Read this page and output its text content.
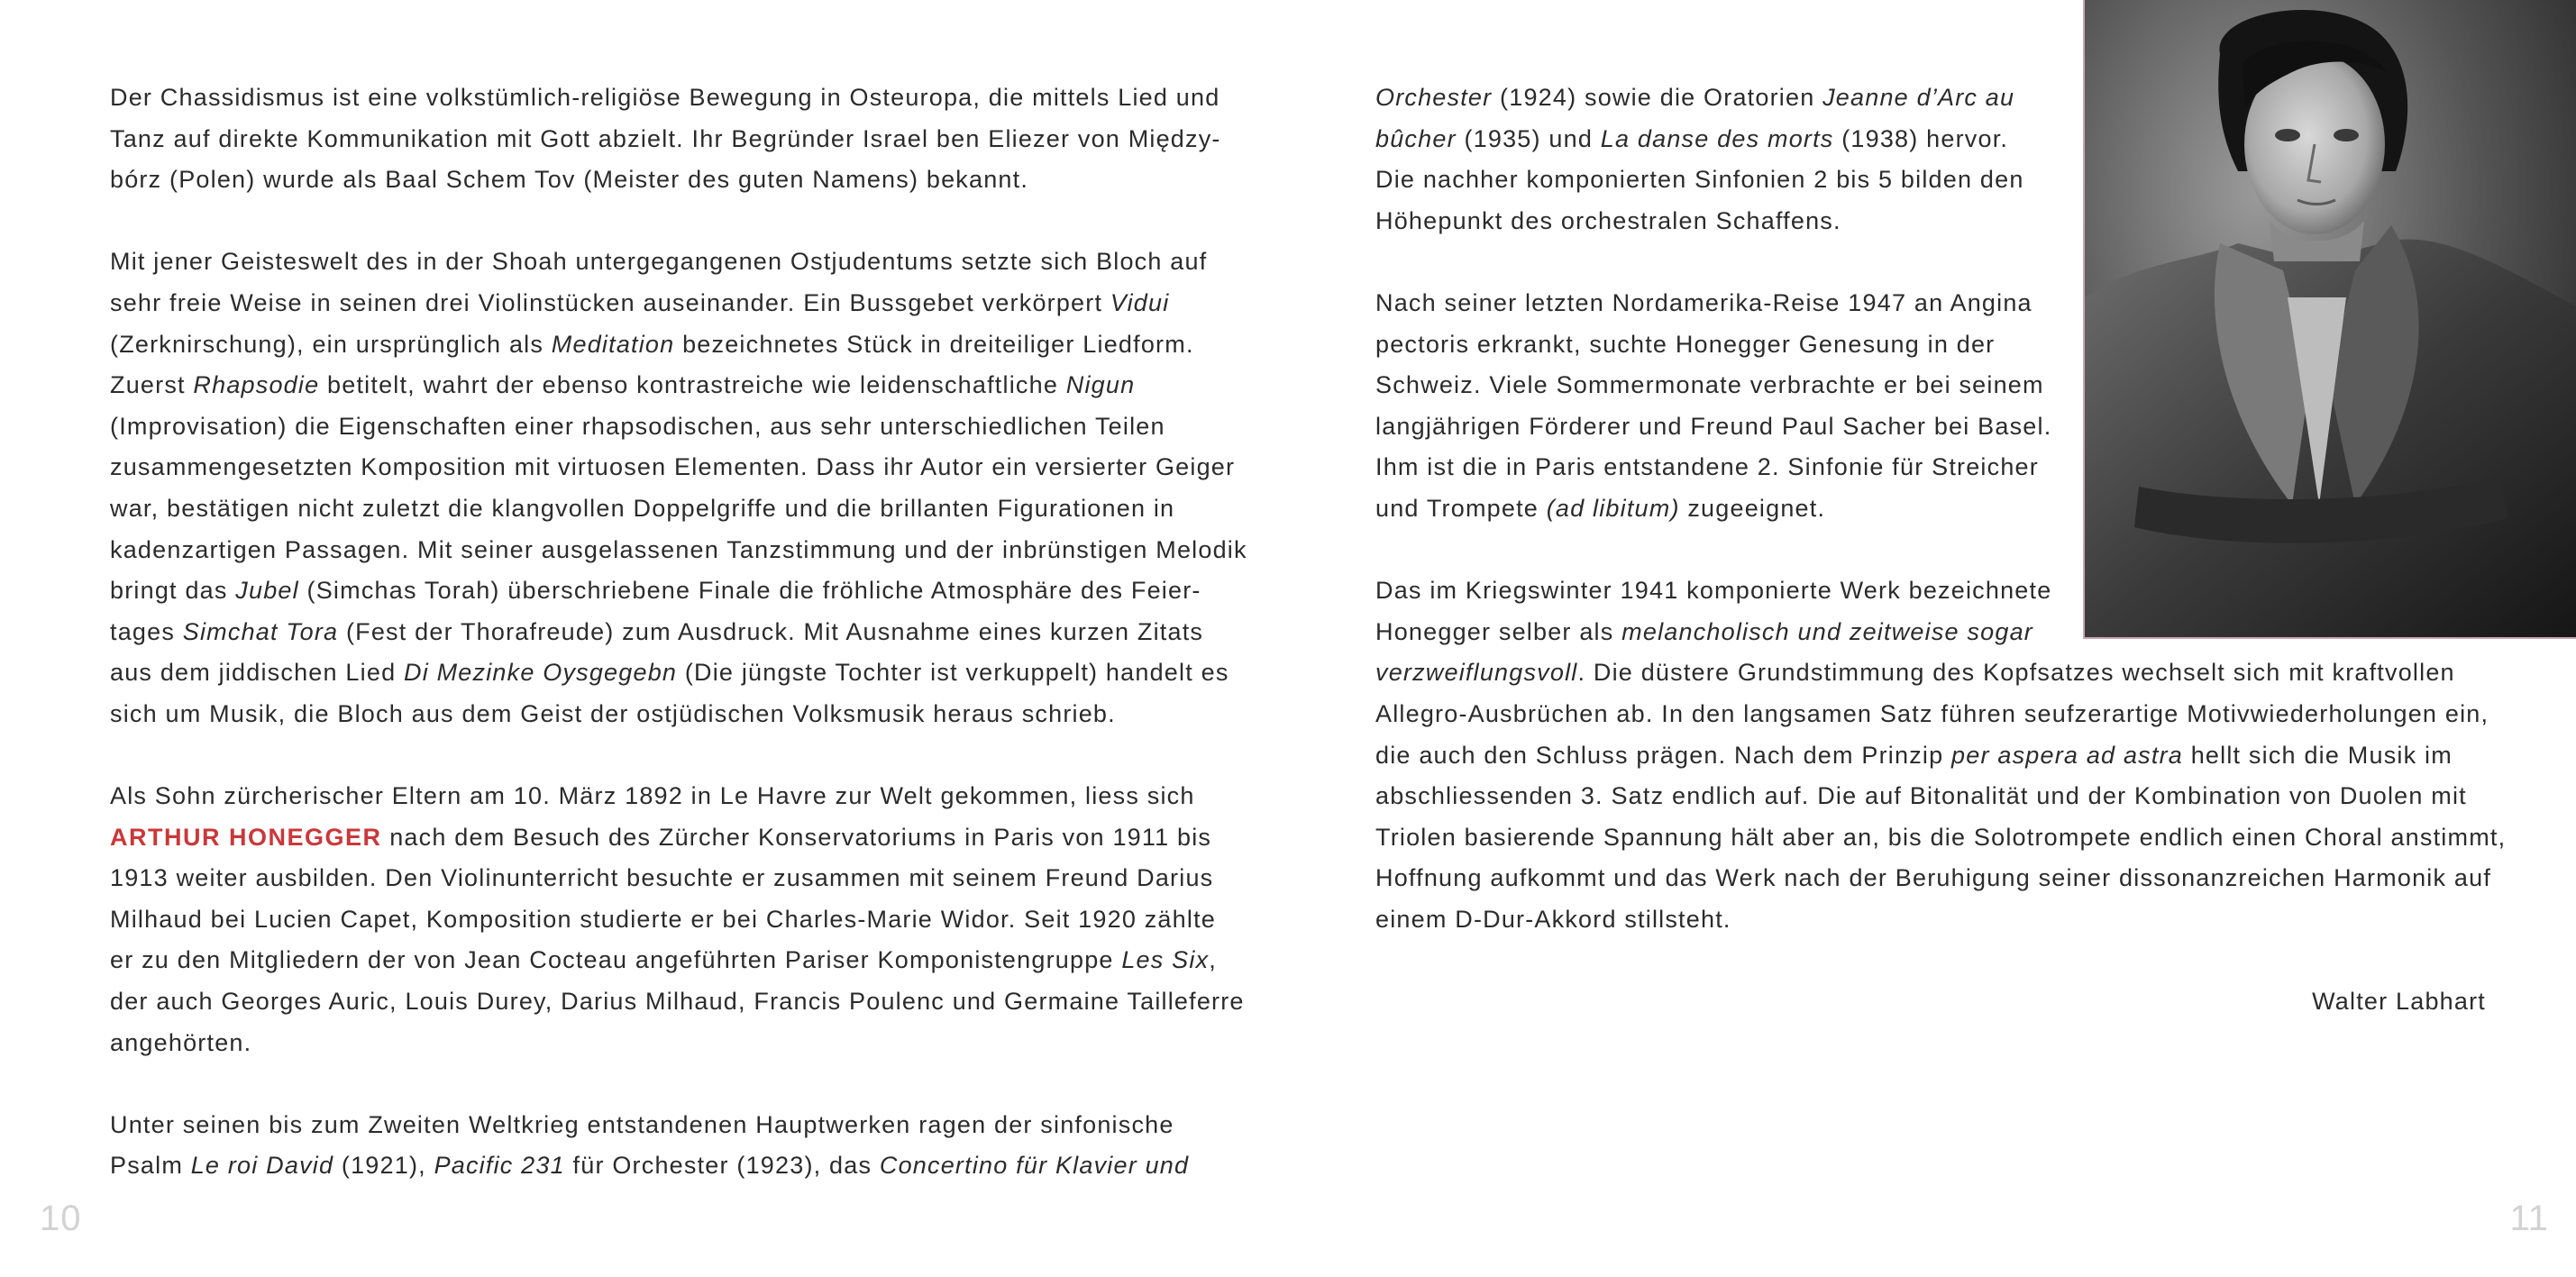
Der Chassidismus ist eine volkstümlich-religiöse Bewegung in Osteuropa, die mittels Lied und
Tanz auf direkte Kommunikation mit Gott abzielt. Ihr Begründer Israel ben Eliezer von Między-
bórz (Polen) wurde als Baal Schem Tov (Meister des guten Namens) bekannt.

Mit jener Geisteswelt des in der Shoah untergegangenen Ostjudentums setzte sich Bloch auf
sehr freie Weise in seinen drei Violinstücken auseinander. Ein Bussgebet verkörpert Vidui
(Zerknirschung), ein ursprünglich als Meditation bezeichnetes Stück in dreiteiliger Liedform.
Zuerst Rhapsodie betitelt, wahrt der ebenso kontrastreiche wie leidenschaftliche Nigun
(Improvisation) die Eigenschaften einer rhapsodischen, aus sehr unterschiedlichen Teilen
zusammengesetzten Komposition mit virtuosen Elementen. Dass ihr Autor ein versierter Geiger
war, bestätigen nicht zuletzt die klangvollen Doppelgriffe und die brillanten Figurationen in
kadenzartigen Passagen. Mit seiner ausgelassenen Tanzstimmung und der inbrünstigen Melodik
bringt das Jubel (Simchas Torah) überschriebene Finale die fröhliche Atmosphäre des Feier-
tages Simchat Tora (Fest der Thorafreude) zum Ausdruck. Mit Ausnahme eines kurzen Zitats
aus dem jiddischen Lied Di Mezinke Oysgegebn (Die jüngste Tochter ist verkuppelt) handelt es
sich um Musik, die Bloch aus dem Geist der ostjüdischen Volksmusik heraus schrieb.

Als Sohn zürcherischer Eltern am 10. März 1892 in Le Havre zur Welt gekommen, liess sich
ARTHUR HONEGGER nach dem Besuch des Zürcher Konservatoriums in Paris von 1911 bis
1913 weiter ausbilden. Den Violinunterricht besuchte er zusammen mit seinem Freund Darius
Milhaud bei Lucien Capet, Komposition studierte er bei Charles-Marie Widor. Seit 1920 zählte
er zu den Mitgliedern der von Jean Cocteau angeführten Pariser Komponistengruppe Les Six,
der auch Georges Auric, Louis Durey, Darius Milhaud, Francis Poulenc und Germaine Tailleferre
angehörten.

Unter seinen bis zum Zweiten Weltkrieg entstandenen Hauptwerken ragen der sinfonische
Psalm Le roi David (1921), Pacific 231 für Orchester (1923), das Concertino für Klavier und

10

Orchester (1924) sowie die Oratorien Jeanne d’Arc au
bûcher (1935) und La danse des morts (1938) hervor.
Die nachher komponierten Sinfonien 2 bis 5 bilden den
Höhepunkt des orchestralen Schaffens.

Nach seiner letzten Nordamerika-Reise 1947 an Angina
pectoris erkrankt, suchte Honegger Genesung in der
Schweiz. Viele Sommermonate verbrachte er bei seinem
langjährigen Förderer und Freund Paul Sacher bei Basel.
Ihm ist die in Paris entstandene 2. Sinfonie für Streicher
und Trompete (ad libitum) zugeeignet.

Das im Kriegswinter 1941 komponierte Werk bezeichnete
Honegger selber als melancholisch und zeitweise sogar
verzweiflungsvoll. Die düstere Grundstimmung des Kopfsatzes wechselt sich mit kraftvollen
Allegro-Ausbrüchen ab. In den langsamen Satz führen seufzerartige Motivwiederholungen ein,
die auch den Schluss prägen. Nach dem Prinzip per aspera ad astra hellt sich die Musik im
abschliessenden 3. Satz endlich auf. Die auf Bitonalität und der Kombination von Duolen mit
Triolen basierende Spannung hält aber an, bis die Solotrompete endlich einen Choral anstimmt,
Hoffnung aufkommt und das Werk nach der Beruhigung seiner dissonanzreichen Harmonik auf
einem D-Dur-Akkord stillsteht.

Walter Labhart
11
